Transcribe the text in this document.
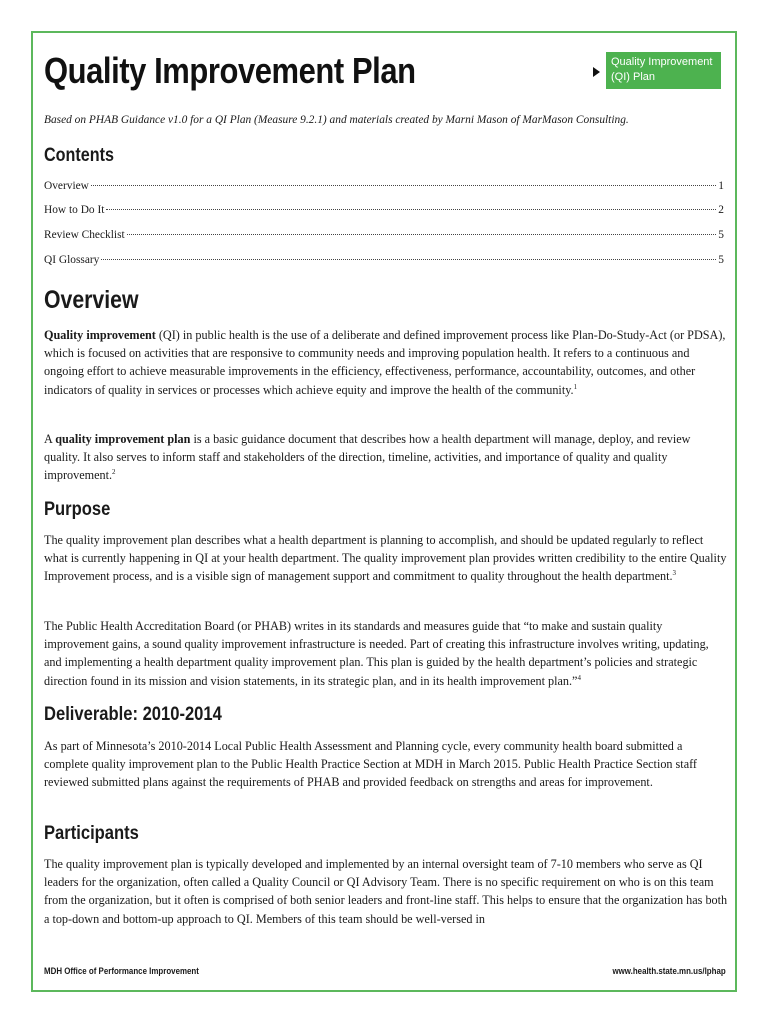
Quality Improvement Plan	Quality Improvement
(QI) Plan
Based on PHAB Guidance v1.0 for a QI Plan (Measure 9.2.1) and materials created by Marni Mason of MarMason Consulting.
Contents
Overview	1
How to Do It	2
Review Checklist	5
QI Glossary	5
Overview

Quality improvement (QI) in public health is the use of a deliberate and defined improvement process like Plan-Do-Study-Act (or PDSA), which is focused on activities that are responsive to community needs and improving population health. It refers to a continuous and ongoing effort to achieve measurable improvements in the efficiency, effectiveness, performance, accountability, outcomes, and other indicators of quality in services or processes which achieve equity and improve the health of the community.$^1$

A quality improvement plan is a basic guidance document that describes how a health department will manage, deploy, and review quality. It also serves to inform staff and stakeholders of the direction, timeline, activities, and importance of quality and quality improvement.$^2$

Purpose

The quality improvement plan describes what a health department is planning to accomplish, and should be updated regularly to reflect what is currently happening in QI at your health department. The quality improvement plan provides written credibility to the entire Quality Improvement process, and is a visible sign of management support and commitment to quality throughout the health department.$^3$

The Public Health Accreditation Board (or PHAB) writes in its standards and measures guide that “to make and sustain quality improvement gains, a sound quality improvement infrastructure is needed. Part of creating this infrastructure involves writing, updating, and implementing a health department quality improvement plan. This plan is guided by the health department’s policies and strategic direction found in its mission and vision statements, in its strategic plan, and in its health improvement plan.”$^4$

Deliverable: 2010-2014

As part of Minnesota’s 2010-2014 Local Public Health Assessment and Planning cycle, every community health board submitted a complete quality improvement plan to the Public Health Practice Section at MDH in March 2015. Public Health Practice Section staff reviewed submitted plans against the requirements of PHAB and provided feedback on strengths and areas for improvement.

Participants

The quality improvement plan is typically developed and implemented by an internal oversight team of 7-10 members who serve as QI leaders for the organization, often called a Quality Council or QI Advisory Team. There is no specific requirement on who is on this team from the organization, but it often is comprised of both senior leaders and front-line staff. This helps to ensure that the organization has both a top-down and bottom-up approach to QI. Members of this team should be well-versed in

MDH Office of Performance Improvement	www.health.state.mn.us/lphap
